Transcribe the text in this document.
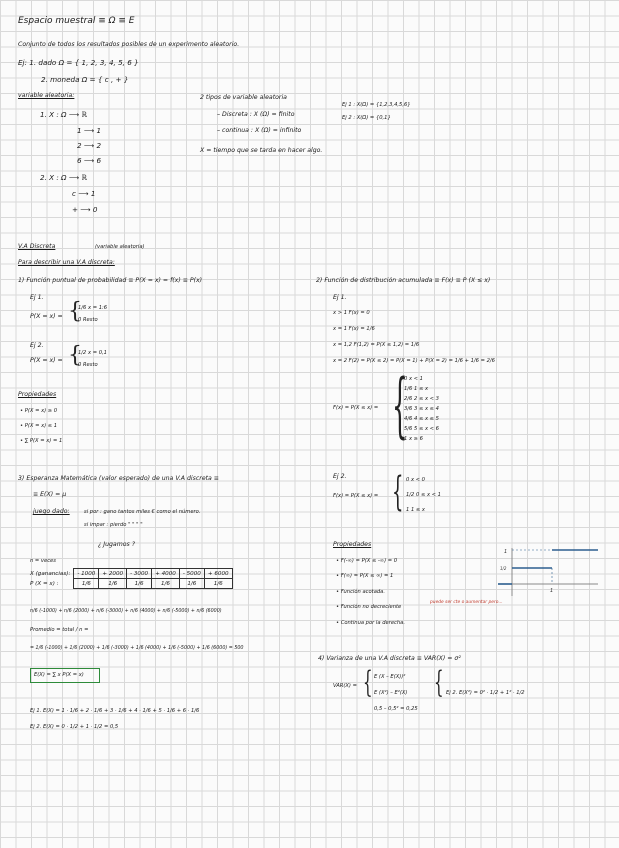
Espacio muestral ≡ Ω ≡ E
Conjunto de todos los resultados posibles de un experimento aleatorio.
Ej: 1. dado Ω = { 1, 2, 3, 4, 5, 6 }
2. moneda Ω = { c , + }
variable aleatoria:
1. X : Ω ⟶ ℝ
1 ⟶ 1
2 ⟶ 2
6 ⟶ 6
2. X : Ω ⟶ ℝ
c ⟶ 1
+ ⟶ 0
2 tipos de variable aleatoria
– Discreta : X (Ω) = finito
– continua : X (Ω) = infinito
Ej 1 : X(Ω) = {1,2,3,4,5,6}
Ej 2 : X(Ω) = {0,1}
X = tiempo que se tarda en hacer algo.
V.A Discreta	(variable aleatoria)
Para describir una V.A discreta:
1) Función puntual de probabilidad ≡ P(X = x) = f(x) ≡ P(x)
Ej 1.
P(X = x) = {
1/6 x = 1:6
0 Resto
Ej 2.
P(X = x) = {
1/2 x = 0,1
0 Resto
Propiedades
• P(X = x) ≥ 0
• P(X = x) ≤ 1
• ∑ P(X = x) = 1
2) Función de distribución acumulada ≡ F(x) ≡ P (X ≤ x)
Ej 1.
x > 1 F(x) = 0
x = 1 F(x) = 1/6
x = 1,2 F(1,2) = P(X ≤ 1,2) = 1/6
x = 2 F(2) = P(X ≤ 2) = P(X = 1) + P(X = 2) = 1/6 + 1/6 = 2/6
F(x) = P(X ≤ x) = {
0 x < 1
1/6 1 ≤ x
2/6 2 ≤ x < 3
3/6 3 ≤ x ≤ 4
4/6 4 ≤ x ≤ 5
5/6 5 ≤ x < 6
1 x ≥ 6
Ej 2.
F(x) = P(X ≤ x) = { 0 x < 0
1/2 0 ≤ x < 1
1 1 ≤ x
Propiedades
• F(-∞) = P(X ≤ -∞) = 0
• F(∞) = P(X ≤ ∞) = 1
• Función acotada.
• Función no decreciente
puede ser cte o aumentar pero...
• Continua por la derecha.
1
1/2
1
3) Esperanza Matemática (valor esperado) de una V.A discreta ≡
≡ E(X) = μ
juego dado:	si por : gano tantos miles € como el número.
si impar : pierdo " " " "
¿ Jugamos ?
n = veces
X (ganancias):	- 1000	+ 2000	- 3000	+ 4000	- 5000	+ 6000
P (X = x) :	1/6	1/6	1/6	1/6	1/6	1/6
n/6 (-1000) + n/6 (2000) + n/6 (-3000) + n/6 (4000) + n/6 (-5000) + n/6 (6000)
Promedio = total / n =
= 1/6 (-1000) + 1/6 (2000) + 1/6 (-3000) + 1/6 (4000) + 1/6 (-5000) + 1/6 (6000) = 500
E(X) = ∑ x P(X = x)
Ej 1. E(X) = 1 · 1/6 + 2 · 1/6 + 3 · 1/6 + 4 · 1/6 + 5 · 1/6 + 6 · 1/6
Ej 2. E(X) = 0 · 1/2 + 1 · 1/2 = 0,5
4) Varianza de una V.A discreta ≡ VAR(X) = σ²
VAR(X) = { E (X – E(X))²
E (X²) – E²(X) { Ej 2. E(X²) = 0² · 1/2 + 1² · 1/2
0,5 – 0,5² = 0,25
